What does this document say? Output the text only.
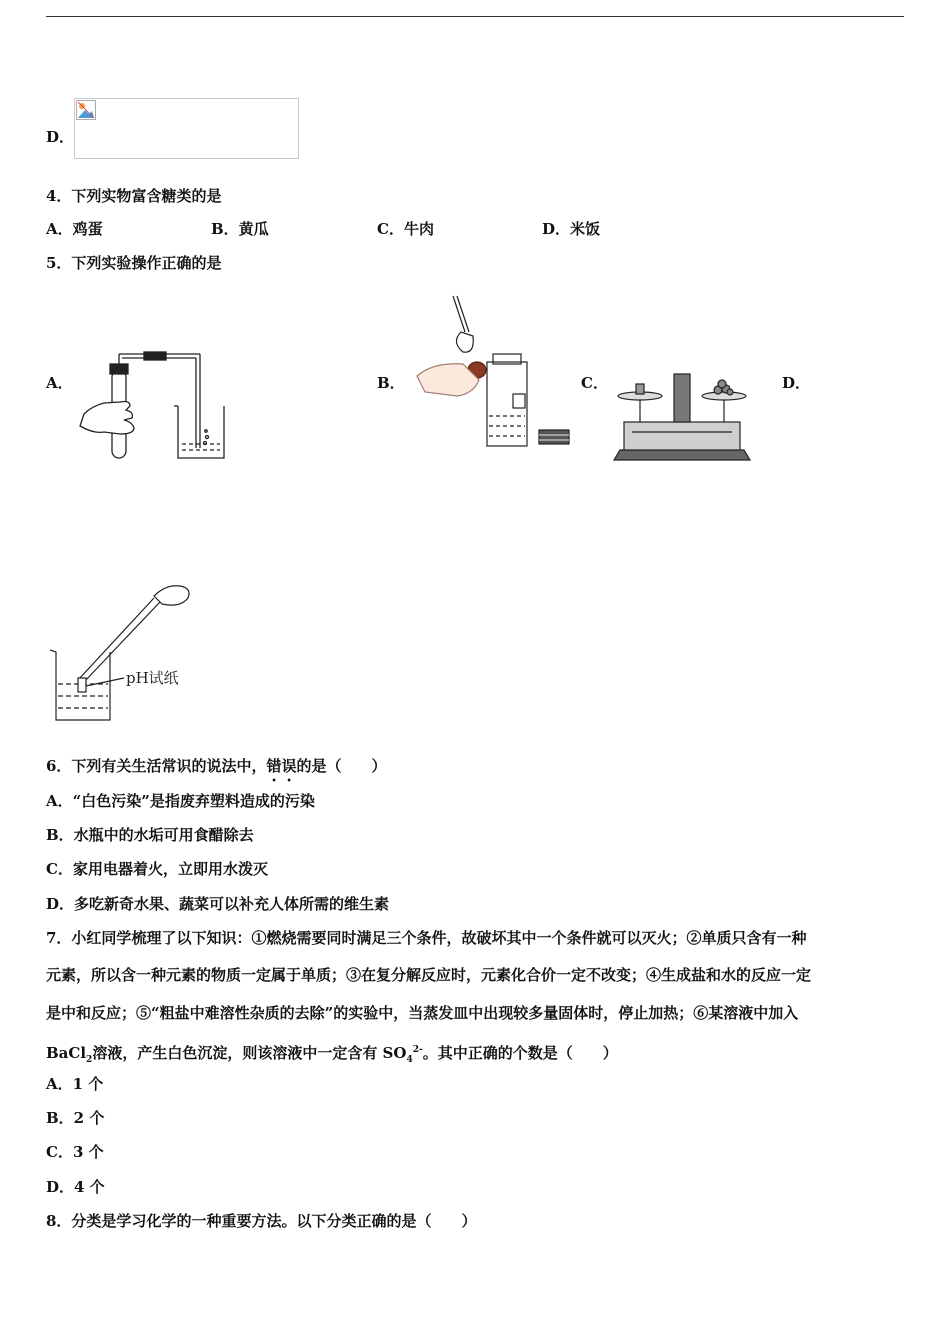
D．
4．下列实物富含糖类的是
A．鸡蛋	B．黄瓜	C．牛肉	D．米饭
5．下列实验操作正确的是
A．	B．	C．	D．
pH试纸
6．下列有关生活常识的说法中，错误的是（　　）
A．“白色污染”是指废弃塑料造成的污染
B．水瓶中的水垢可用食醋除去
C．家用电器着火，立即用水泼灭
D．多吃新奇水果、蔬菜可以补充人体所需的维生素
7．小红同学梳理了以下知识：①燃烧需要同时满足三个条件，故破坏其中一个条件就可以灭火；②单质只含有一种
元素，所以含一种元素的物质一定属于单质；③在复分解反应时，元素化合价一定不改变；④生成盐和水的反应一定
是中和反应；⑤“粗盐中难溶性杂质的去除”的实验中，当蒸发皿中出现较多量固体时，停止加热；⑥某溶液中加入
BaCl$_2$溶液，产生白色沉淀，则该溶液中一定含有 $SO_4^{2-}$。其中正确的个数是（　　）
A．1 个
B．2 个
C．3 个
D．4 个
8．分类是学习化学的一种重要方法。以下分类正确的是（　　）
